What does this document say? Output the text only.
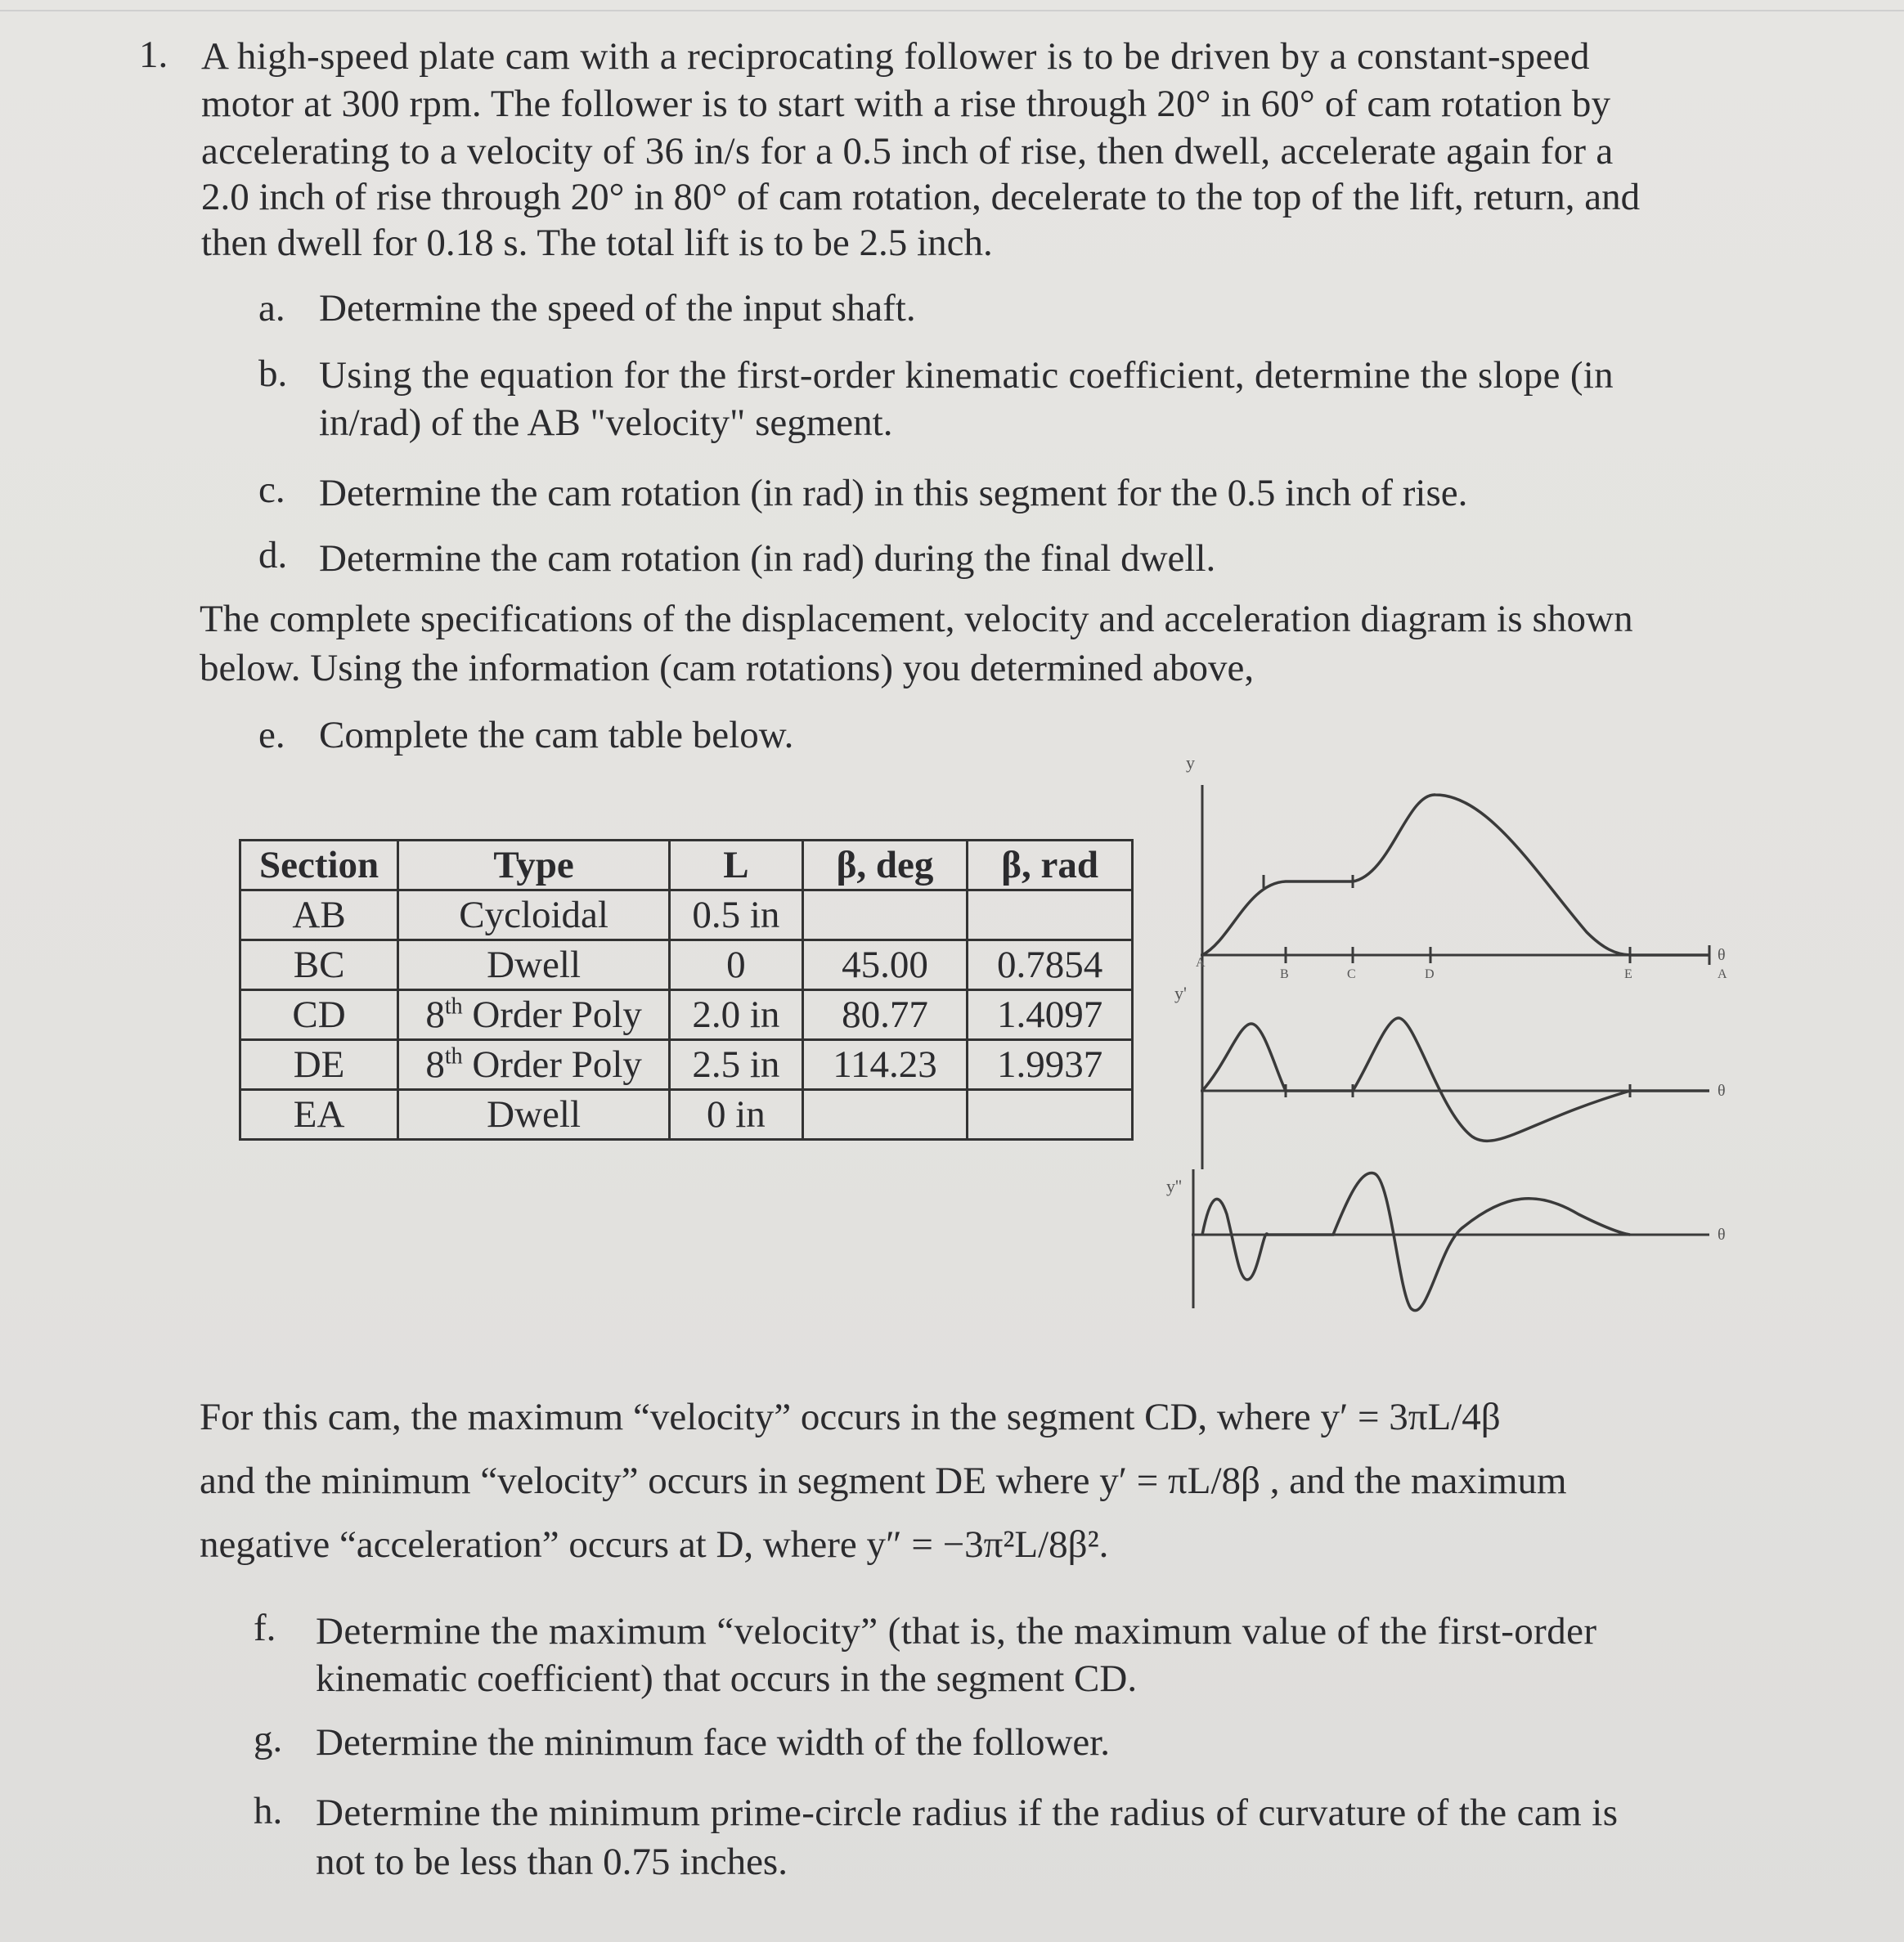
1. A high-speed plate cam with a reciprocating follower is to be driven by a constant-speed
motor at 300 rpm. The follower is to start with a rise through 20° in 60° of cam rotation by
accelerating to a velocity of 36 in/s for a 0.5 inch of rise, then dwell, accelerate again for a
2.0 inch of rise through 20° in 80° of cam rotation, decelerate to the top of the lift, return, and
then dwell for 0.18 s. The total lift is to be 2.5 inch.
a. Determine the speed of the input shaft.
b. Using the equation for the first-order kinematic coefficient, determine the slope (in
in/rad) of the AB "velocity" segment.
c. Determine the cam rotation (in rad) in this segment for the 0.5 inch of rise.
d. Determine the cam rotation (in rad) during the final dwell.
The complete specifications of the displacement, velocity and acceleration diagram is shown
below. Using the information (cam rotations) you determined above,
e. Complete the cam table below.
Section	Type	L	β, deg	β, rad
AB	Cycloidal	0.5 in		
BC	Dwell	0	45.00	0.7854
CD	8th Order Poly	2.0 in	80.77	1.4097
DE	8th Order Poly	2.5 in	114.23	1.9937
EA	Dwell	0 in		
y
y'
y''
A
B	C	D	E	A
θ
θ
θ
For this cam, the maximum “velocity” occurs in the segment CD, where y′ = 3πL/4β
and the minimum “velocity” occurs in segment DE where y′ = πL/8β , and the maximum
negative “acceleration” occurs at D, where y″ = −3π²L/8β².
f. Determine the maximum “velocity” (that is, the maximum value of the first-order
kinematic coefficient) that occurs in the segment CD.
g. Determine the minimum face width of the follower.
h. Determine the minimum prime-circle radius if the radius of curvature of the cam is
not to be less than 0.75 inches.
